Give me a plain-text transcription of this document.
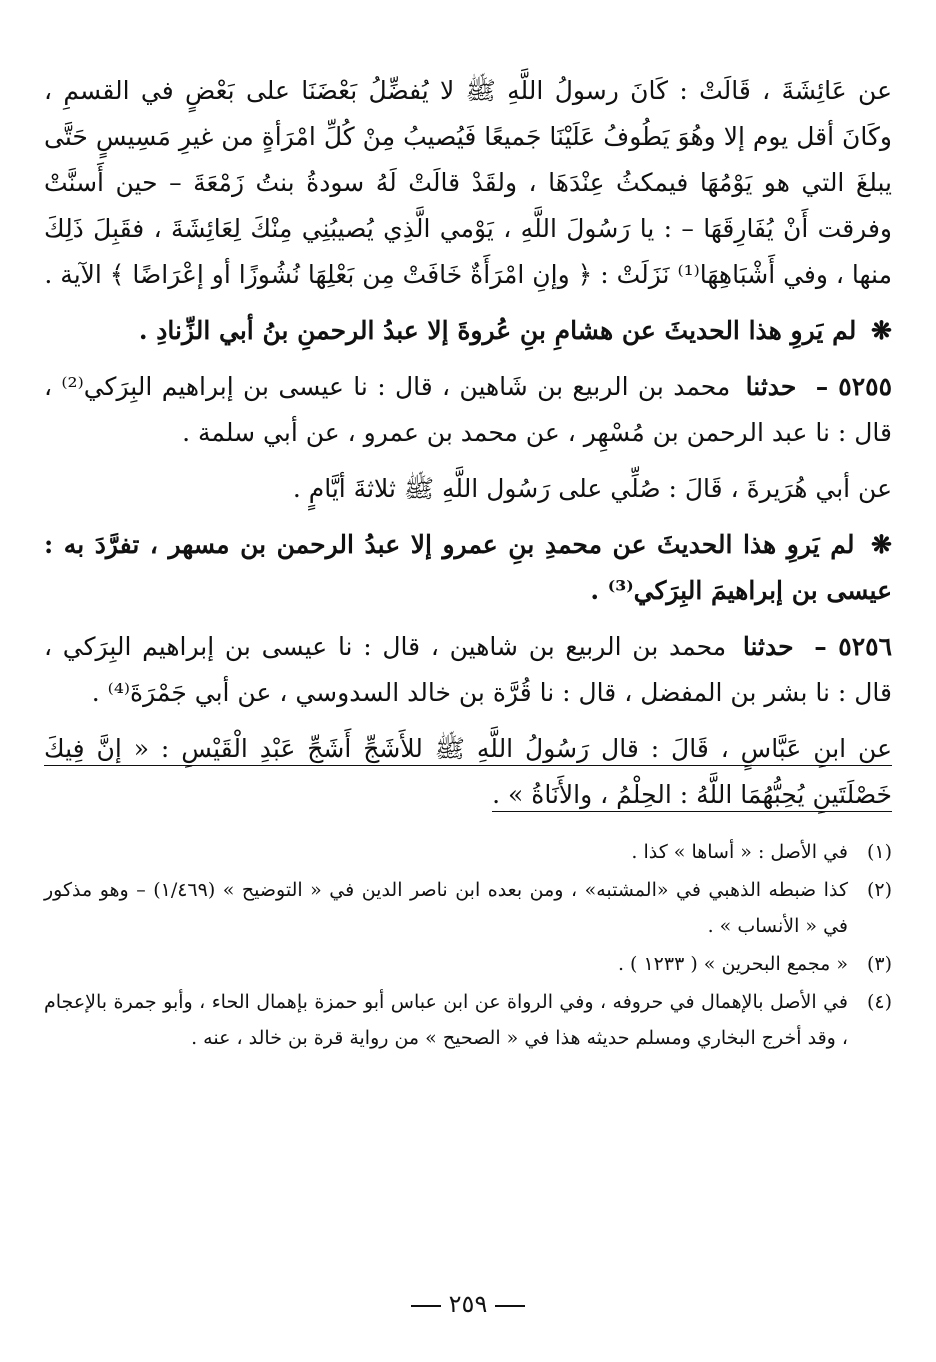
عن عَائِشَةَ ، قَالَتْ : كَانَ رسولُ اللَّهِ ﷺ لا يُفضِّلُ بَعْضَنَا على بَعْضٍ في القسمِ ، وكَانَ أقل يوم إلا وهُوَ يَطُوفُ عَلَيْنَا جَميعًا فَيُصيبُ مِنْ كُلِّ امْرَأةٍ من غيرِ مَسِيسٍ حَتَّى يبلغَ التي هو يَوْمُهَا فيمكثُ عِنْدَهَا ، ولقَدْ قالَتْ لَهُ سودةُ بنتُ زَمْعَةَ – حين أَسنَّتْ وفرقت أَنْ يُفَارِقَهَا – : يا رَسُولَ اللَّهِ ، يَوْمي الَّذِي يُصيبُنِي مِنْكَ لِعَائِشَةَ ، فقَبِلَ ذَلِكَ منها ، وفي أَشْبَاهِهَا⁽¹⁾ نَزَلَتْ : ﴿ وإنِ امْرَأَةٌ خَافَتْ مِن بَعْلِهَا نُشُوزًا أو إعْرَاضًا ﴾ الآية .

❋ لم يَروِ هذا الحديثَ عن هشامِ بنِ عُروةَ إلا عبدُ الرحمنِ بنُ أبي الزِّنادِ .

٥٢٥٥ – حدثنا محمد بن الربيع بن شَاهين ، قال : نا عيسى بن إبراهيم البِرَكي⁽²⁾ ، قال : نا عبد الرحمن بن مُسْهِر ، عن محمد بن عمرو ، عن أبي سلمة .

عن أبي هُرَيرةَ ، قَالَ : صُلِّي على رَسُول اللَّهِ ﷺ ثلاثةَ أيَّامٍ .

❋ لم يَروِ هذا الحديثَ عن محمدِ بنِ عمرو إلا عبدُ الرحمن بن مسهر ، تفرَّدَ به : عيسى بن إبراهيمَ البِرَكي⁽³⁾ .

٥٢٥٦ – حدثنا محمد بن الربيع بن شاهين ، قال : نا عيسى بن إبراهيم البِرَكي ، قال : نا بشر بن المفضل ، قال : نا قُرَّة بن خالد السدوسي ، عن أبي جَمْرَةَ⁽⁴⁾ .

عن ابنِ عَبَّاسٍ ، قَالَ : قال رَسُولُ اللَّهِ ﷺ للأَشَجِّ أَشَجِّ عَبْدِ الْقَيْسِ : « إنَّ فِيكَ خَصْلَتَينِ يُحِبُّهُمَا اللَّهُ : الحِلْمُ ، والأَنَاةُ » .

(١)
في الأصل : « أساها » كذا .
(٢)
كذا ضبطه الذهبي في «المشتبه» ، ومن بعده ابن ناصر الدين في « التوضيح » (١/٤٦٩) – وهو مذكور في « الأنساب » .
(٣)
« مجمع البحرين » ( ١٢٣٣ ) .
(٤)
في الأصل بالإهمال في حروفه ، وفي الرواة عن ابن عباس أبو حمزة بإهمال الحاء ، وأبو جمرة بالإعجام ، وقد أخرج البخاري ومسلم حديثه هذا في « الصحيح » من رواية قرة بن خالد ، عنه .
٢٥٩
